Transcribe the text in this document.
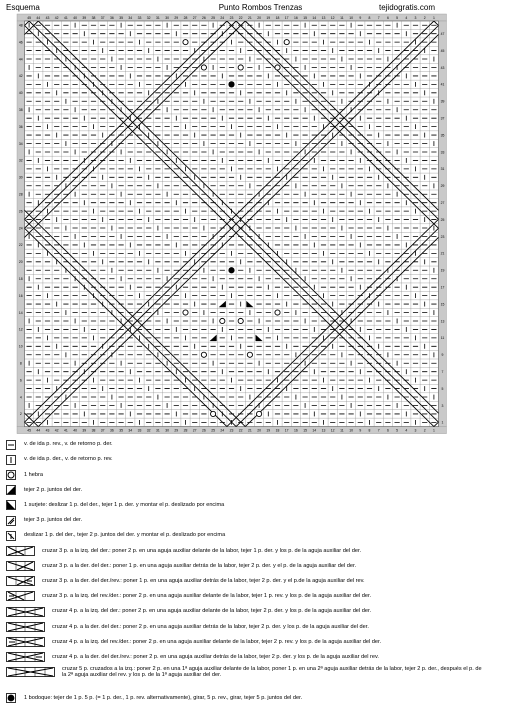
Esquema	Punto Rombos Trenzas	tejidogratis.com
45 44 43 42 41 40 39 38 37 36 35 34 33 32 31 30 29 28 27 26 25 24 23 22 21 20 19 18 17 16 15 14 13 12 11 10 9 8 7 6 5 4 3 2 1
45 44 43 42 41 40 39 38 37 36 35 34 33 32 31 30 29 28 27 26 25 24 23 22 21 20 19 18 17 16 15 14 13 12 11 10 9 8 7 6 5 4 3 2 1
48
46
44
42
40
38
36
34
32
30
28
26
24
22
20
18
16
14
12
10
8
6
4
2
47
45
43
41
39
37
35
33
31
29
27
25
23
21
19
17
15
13
11
9
7
5
3
1
v. de ida p. rev., v. de retorno p. der.
v. de ida p. der., v. de retorno p. rev.
1 hebra
tejer 2 p. juntos del der.
1 surjete: deslizar 1 p. del der., tejer 1 p. der. y montar el p. deslizado por encima
tejer 3 p. juntos del der.
deslizar 1 p. del der., tejer 2 p. juntos del der. y montar el p. deslizado por encima
cruzar 3 p. a la izq. del der.: poner 2 p. en una aguja auxiliar delante de la labor, tejer 1 p. der. y los p. de la aguja auxiliar del der.
cruzar 3 p. a la der. del der.: poner 1 p. en una aguja auxiliar detrás de la labor, tejer 2 p. der. y el p. de la aguja auxiliar del der.
cruzar 3 p. a la der. del der./rev.: poner 1 p. en una aguja auxiliar detrás de la labor, tejer 2 p. der. y el p.de la aguja auxiliar del rev.
cruzar 3 p. a la izq. del rev./der.: poner 2 p. en una aguja auxiliar delante de la labor, tejer 1 p. rev. y los p. de la aguja auxiliar del der.
cruzar 4 p. a la izq. del der.: poner 2 p. en una aguja auxiliar delante de la labor, tejer 2 p. der. y los p. de la aguja auxiliar del der.
cruzar 4 p. a la der. del der.: poner 2 p. en una aguja auxiliar detrás de la labor, tejer 2 p. der. y los p. de la aguja auxiliar del der.
cruzar 4 p. a la izq. del rev./der.: poner 2 p. en una aguja auxiliar delante de la labor, tejer 2 p. rev. y los p. de la aguja auxiliar del der.
cruzar 4 p. a la der. del der./rev.: poner 2 p. en una aguja auxiliar detrás de la labor, tejer 2 p. der. y los p. de la aguja auxiliar del rev.
cruzar 5 p. cruzados a la izq.: poner 2 p. en una 1ª aguja auxiliar delante de la labor, poner 1 p. en una 2ª aguja auxiliar detrás de la labor, tejer 2 p. der., después el p. de la 2ª aguja auxiliar del rev. y los p. de la 1ª aguja auxiliar del der.
1 bodoque: tejer de 1 p. 5 p. (= 1 p. der., 1 p. rev. alternativamente), girar, 5 p. rev., girar, tejer 5 p. juntos del der.
